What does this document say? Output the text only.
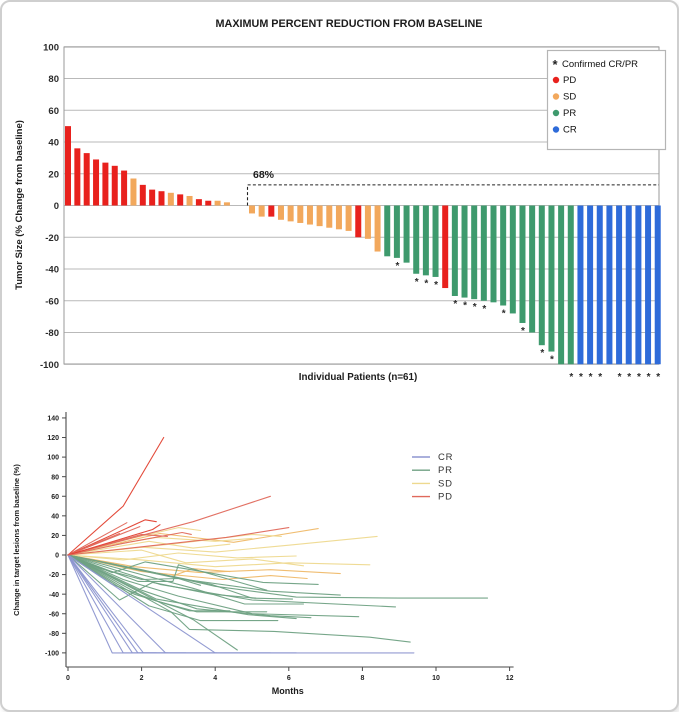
100
80
60
40
20
0
-20
-40
-60
-80
-100
*
* * *
* * * * *
*
*
*
* * * * * * * * *
68%
MAXIMUM PERCENT REDUCTION FROM BASELINE
Individual Patients (n=61)
Tumor Size (% Change from baseline)
* Confirmed CR/PR
PD
SD
PR
CR

140
120
100
80
60
40
20
0
-20
-40
-60
-80
-100
0	2	4	6	8	10	12
Months
Change in target lesions from baseline (%)
CR
PR
SD
PD
